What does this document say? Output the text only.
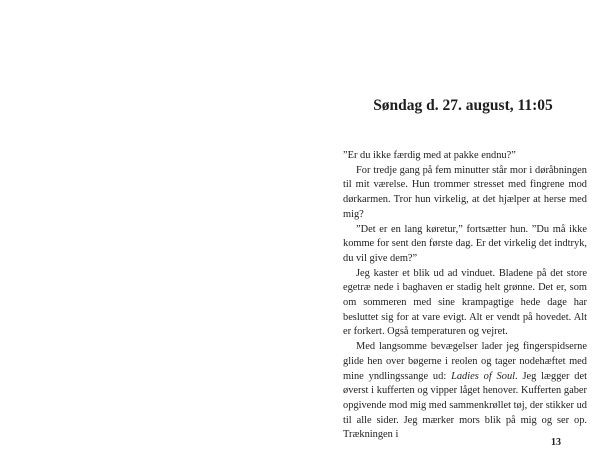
Søndag d. 27. august, 11:05

”Er du ikke færdig med at pakke endnu?”

For tredje gang på fem minutter står mor i døråbningen til mit værelse. Hun trommer stresset med fingrene mod dørkarmen. Tror hun virkelig, at det hjælper at herse med mig?

”Det er en lang køretur,” fortsætter hun. ”Du må ikke komme for sent den første dag. Er det virkelig det indtryk, du vil give dem?”

Jeg kaster et blik ud ad vinduet. Bladene på det store egetræ nede i baghaven er stadig helt grønne. Det er, som om sommeren med sine krampagtige hede dage har besluttet sig for at vare evigt. Alt er vendt på hovedet. Alt er forkert. Også temperaturen og vejret.

Med langsomme bevægelser lader jeg fingerspidserne glide hen over bøgerne i reolen og tager nodehæftet med mine yndlingssange ud: Ladies of Soul. Jeg lægger det øverst i kufferten og vipper låget henover. Kufferten gaber opgivende mod mig med sammenkrøllet tøj, der stikker ud til alle sider. Jeg mærker mors blik på mig og ser op. Trækningen i

13
